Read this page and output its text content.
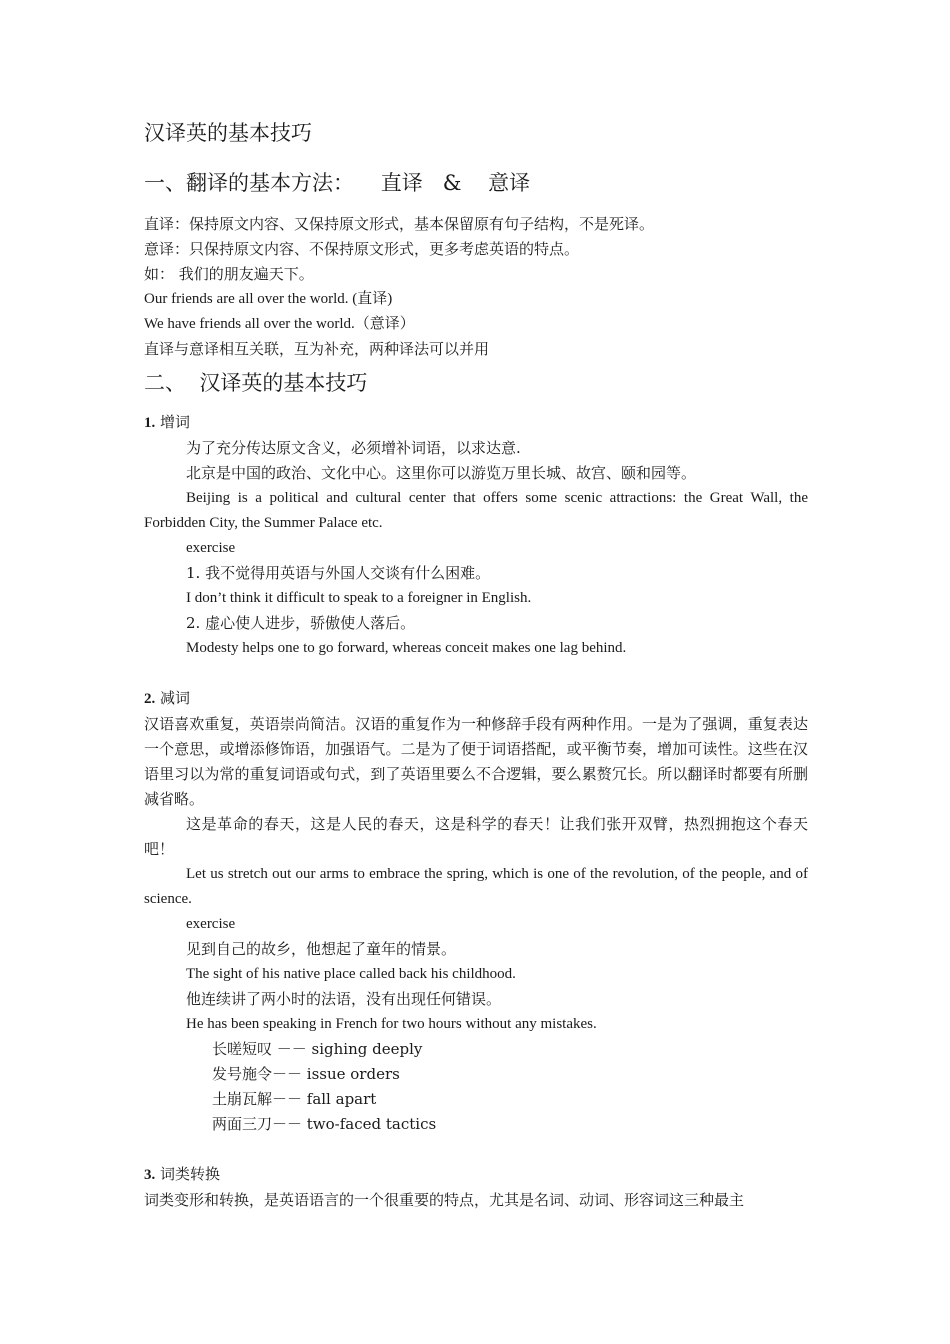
汉译英的基本技巧
一、翻译的基本方法：    直译   &    意译

直译：保持原文内容、又保持原文形式，基本保留原有句子结构，不是死译。

意译：只保持原文内容、不保持原文形式，更多考虑英语的特点。

如： 我们的朋友遍天下。

Our friends are all over the world. (直译)

We have friends all over the world.（意译）

直译与意译相互关联，互为补充，两种译法可以并用

二、  汉译英的基本技巧

1. 增词

为了充分传达原文含义，必须增补词语，以求达意.

北京是中国的政治、文化中心。这里你可以游览万里长城、故宫、颐和园等。

Beijing is a political and cultural center that offers some scenic attractions: the Great Wall, the Forbidden City, the Summer Palace etc.

exercise

1. 我不觉得用英语与外国人交谈有什么困难。

I don’t think it difficult to speak to a foreigner in English.

2. 虚心使人进步，骄傲使人落后。

Modesty helps one to go forward, whereas conceit makes one lag behind.

2. 减词

汉语喜欢重复，英语崇尚简洁。汉语的重复作为一种修辞手段有两种作用。一是为了强调，重复表达一个意思，或增添修饰语，加强语气。二是为了便于词语搭配，或平衡节奏，增加可读性。这些在汉语里习以为常的重复词语或句式，到了英语里要么不合逻辑，要么累赘冗长。所以翻译时都要有所删减省略。

这是革命的春天，这是人民的春天，这是科学的春天！让我们张开双臂，热烈拥抱这个春天吧！

Let us stretch out our arms to embrace the spring, which is one of the revolution, of the people, and of science.

exercise

见到自己的故乡，他想起了童年的情景。

The sight of his native place called back his childhood.

他连续讲了两小时的法语，没有出现任何错误。

He has been speaking in French for two hours without any mistakes.

长嗟短叹 －－ sighing deeply

发号施令－－ issue orders

土崩瓦解－－ fall apart

两面三刀－－ two-faced tactics

3. 词类转换

词类变形和转换，是英语语言的一个很重要的特点，尤其是名词、动词、形容词这三种最主
